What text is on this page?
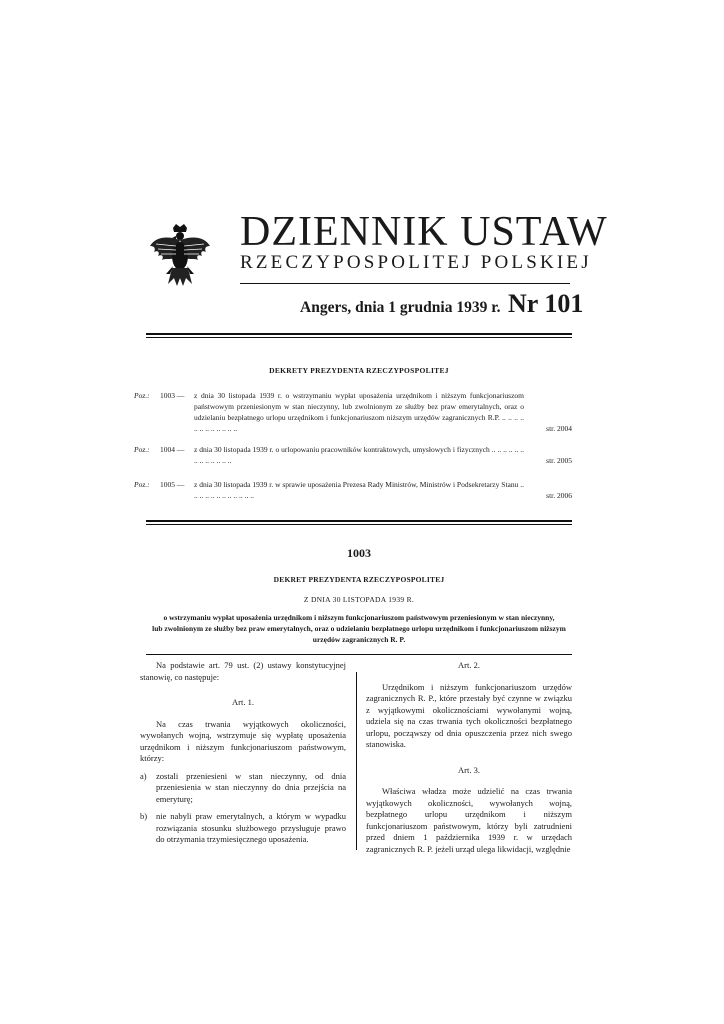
DZIENNIK USTAW
RZECZYPOSPOLITEJ POLSKIEJ
Angers, dnia 1 grudnia 1939 r. Nr 101
DEKRETY PREZYDENTA RZECZYPOSPOLITEJ
Poz.:	1003 —	z dnia 30 listopada 1939 r. o wstrzymaniu wypłat uposażenia urzędnikom i niższym funkcjonariuszom państwowym przeniesionym w stan nieczynny, lub zwolnionym ze służby bez praw emerytalnych, oraz o udzielaniu bezpłatnego urlopu urzędnikom i funkcjonariuszom niższym urzędów zagranicznych R.P. .. .. .. .. .. .. .. .. .. .. .. ..	str. 2004
Poz.:	1004 —	z dnia 30 listopada 1939 r. o urlopowaniu pracowników kontraktowych, umysłowych i fizycznych .. .. .. .. .. .. .. .. .. .. .. .. ..	str. 2005
Poz.:	1005 —	z dnia 30 listopada 1939 r. w sprawie uposażenia Prezesa Rady Ministrów, Ministrów i Podsekretarzy Stanu .. .. .. .. .. .. .. .. .. .. .. ..	str. 2006
1003
DEKRET PREZYDENTA RZECZYPOSPOLITEJ
Z DNIA 30 LISTOPADA 1939 R.
o wstrzymaniu wypłat uposażenia urzędnikom i niższym funkcjonariuszom państwowym przeniesionym w stan nieczynny,
lub zwolnionym ze służby bez praw emerytalnych, oraz o udzielaniu bezpłatnego urlopu urzędnikom i funkcjonariuszom niższym
urzędów zagranicznych R. P.

Na podstawie art. 79 ust. (2) ustawy konstytucyjnej stanowię, co następuje:

Art. 1.

Na czas trwania wyjątkowych okoliczności, wywołanych wojną, wstrzymuje się wypłatę uposażenia urzędnikom i niższym funkcjonariuszom państwowym, którzy:

a) zostali przeniesieni w stan nieczynny, od dnia przeniesienia w stan nieczynny do dnia przejścia na emeryturę;
b) nie nabyli praw emerytalnych, a którym w wypadku rozwiązania stosunku służbowego przysługuje prawo do otrzymania trzymiesięcznego uposażenia.

Art. 2.

Urzędnikom i niższym funkcjonariuszom urzędów zagranicznych R. P., które przestały być czynne w związku z wyjątkowymi okolicznościami wywołanymi wojną, udziela się na czas trwania tych okoliczności bezpłatnego urlopu, począwszy od dnia opuszczenia przez nich swego stanowiska.

Art. 3.

Właściwa władza może udzielić na czas trwania wyjątkowych okoliczności, wywołanych wojną, bezpłatnego urlopu urzędnikom i niższym funkcjonariuszom państwowym, którzy byli zatrudnieni przed dniem 1 października 1939 r. w urzędach zagranicznych R. P. jeżeli urząd ulega likwidacji, względnie
